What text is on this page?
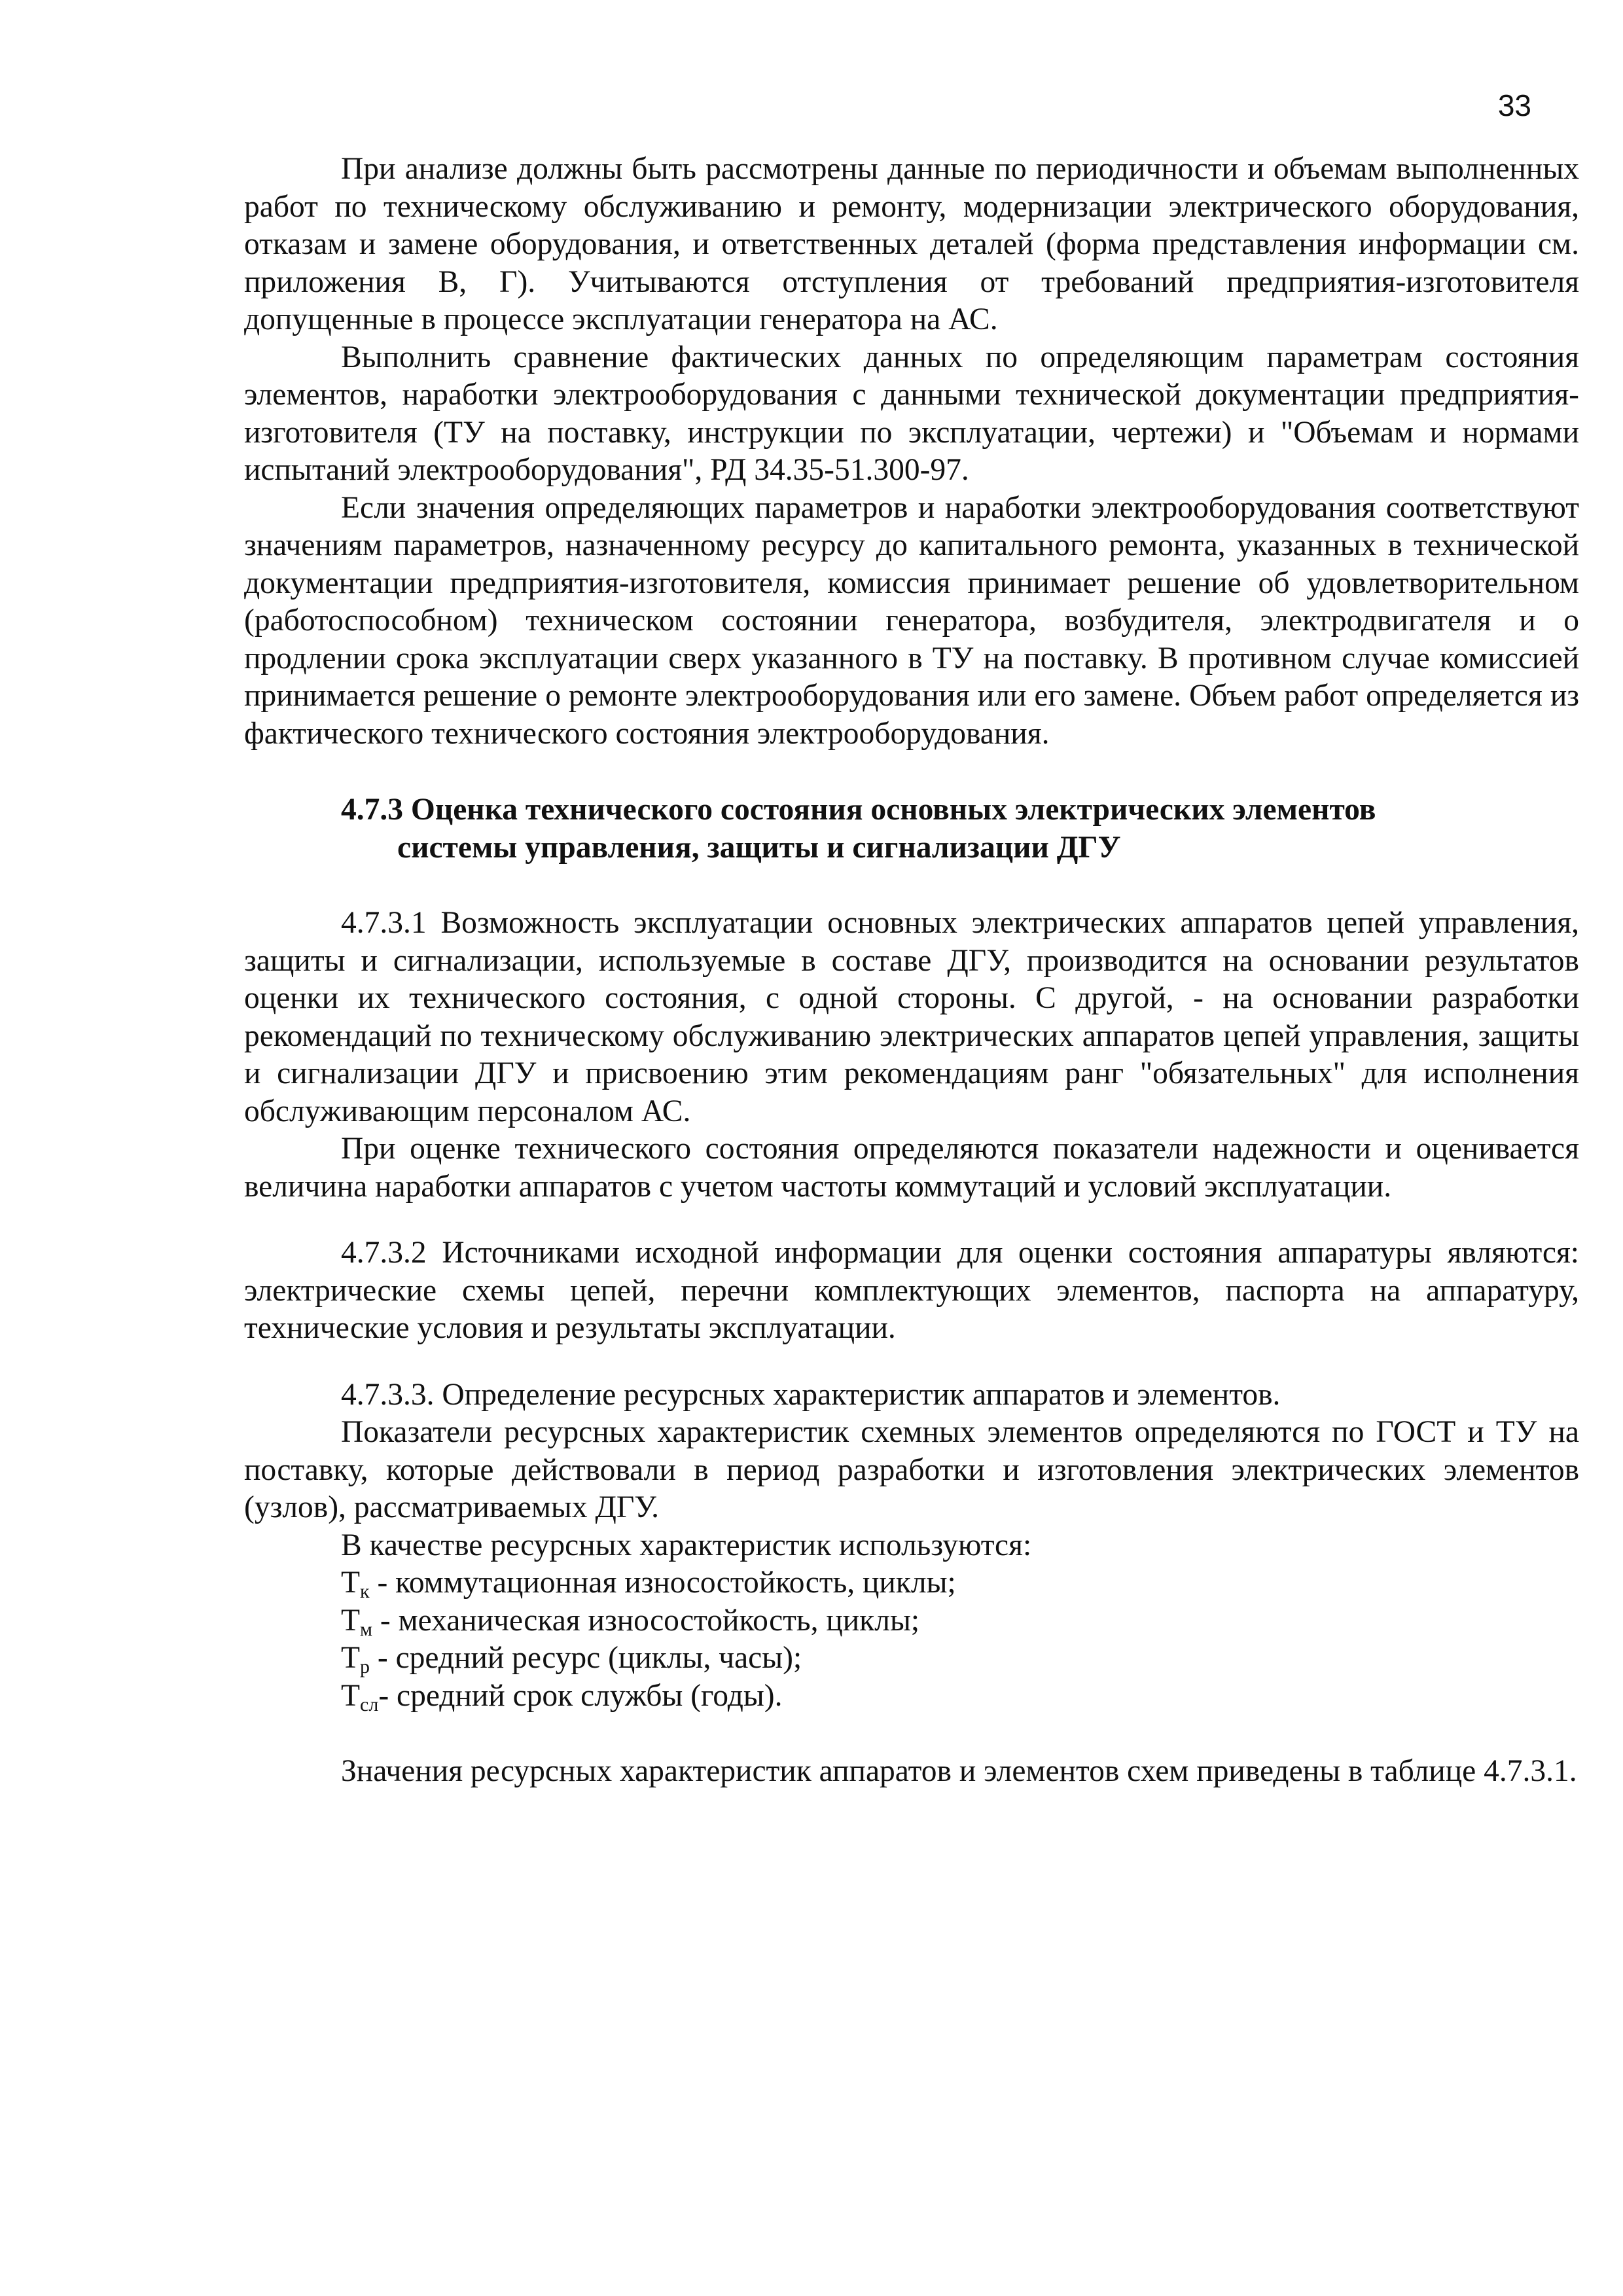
33

При анализе должны быть рассмотрены данные по периодичности и объемам выполненных работ по техническому обслуживанию и ремонту, модернизации электрического оборудования, отказам и замене оборудования, и ответственных деталей (форма представления информации см. приложения В, Г). Учитываются отступления от требований предприятия-изготовителя допущенные в процессе эксплуатации генератора на АС.

Выполнить сравнение фактических данных по определяющим параметрам состояния элементов, наработки электрооборудования с данными технической документации предприятия-изготовителя (ТУ на поставку, инструкции по эксплуатации, чертежи) и "Объемам и нормами испытаний электрооборудования", РД 34.35-51.300-97.

Если значения определяющих параметров и наработки электрооборудования соответствуют значениям параметров, назначенному ресурсу до капитального ремонта, указанных в технической документации предприятия-изготовителя, комиссия принимает решение об удовлетворительном (работоспособном) техническом состоянии генератора, возбудителя, электродвигателя и о продлении срока эксплуатации сверх указанного в ТУ на поставку. В противном случае комиссией принимается решение о ремонте электрооборудования или его замене. Объем работ определяется из фактического технического состояния электрооборудования.

4.7.3 Оценка технического состояния основных электрических элементов
системы управления, защиты и сигнализации ДГУ

4.7.3.1 Возможность эксплуатации основных электрических аппаратов цепей управления, защиты и сигнализации, используемые в составе ДГУ, производится на основании результатов оценки их технического состояния, с одной стороны. С другой, - на основании разработки рекомендаций по техническому обслуживанию электрических аппаратов цепей управления, защиты и сигнализации ДГУ и присвоению этим рекомендациям ранг "обязательных" для исполнения обслуживающим персоналом АС.

При оценке технического состояния определяются показатели надежности и оценивается величина наработки аппаратов с учетом частоты коммутаций и условий эксплуатации.

4.7.3.2 Источниками исходной информации для оценки состояния аппаратуры являются: электрические схемы цепей, перечни комплектующих элементов, паспорта на аппаратуру, технические условия и результаты эксплуатации.

4.7.3.3. Определение ресурсных характеристик аппаратов и элементов.

Показатели ресурсных характеристик схемных элементов определяются по ГОСТ и ТУ на поставку, которые действовали в период разработки и изготовления электрических элементов (узлов), рассматриваемых ДГУ.

В качестве ресурсных характеристик используются:

$Т_к$ - коммутационная износостойкость, циклы;

$Т_м$ - механическая износостойкость, циклы;

$Т_р$ - средний ресурс (циклы, часы);

$Т_{сл}-$ средний срок службы (годы).

Значения ресурсных характеристик аппаратов и элементов схем приведены в таблице 4.7.3.1.
